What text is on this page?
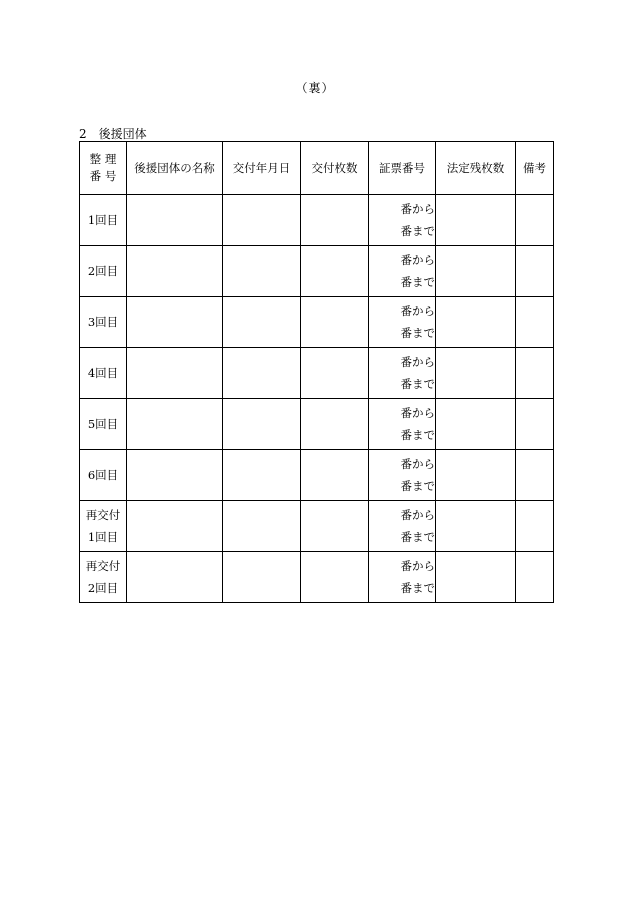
（裏）
2　後援団体
整 理
番 号	後援団体の名称	交付年月日	交付枚数	証票番号	法定残枚数	備考

1回目				番から
番まで		

2回目				番から
番まで		

3回目				番から
番まで		

4回目				番から
番まで		

5回目				番から
番まで		

6回目				番から
番まで		

再交付
1回目				番から
番まで		

再交付
2回目				番から
番まで		
